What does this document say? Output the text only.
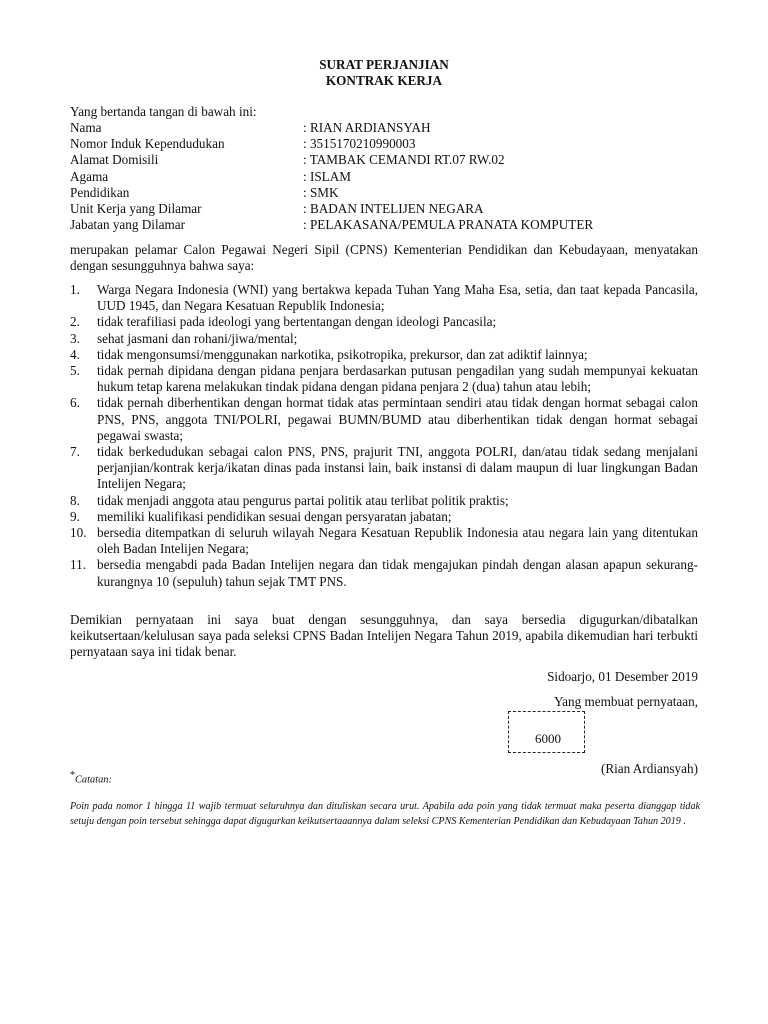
SURAT PERJANJIAN
KONTRAK KERJA
Yang bertanda tangan di bawah ini:
Nama	: RIAN ARDIANSYAH
Nomor Induk Kependudukan	: 3515170210990003
Alamat Domisili	: TAMBAK CEMANDI RT.07 RW.02
Agama	: ISLAM
Pendidikan	: SMK
Unit Kerja yang Dilamar	: BADAN INTELIJEN NEGARA
Jabatan yang Dilamar	: PELAKASANA/PEMULA PRANATA KOMPUTER
merupakan pelamar Calon Pegawai Negeri Sipil (CPNS) Kementerian Pendidikan dan Kebudayaan, menyatakan dengan sesungguhnya bahwa saya:
1. Warga Negara Indonesia (WNI) yang bertakwa kepada Tuhan Yang Maha Esa, setia, dan taat kepada Pancasila, UUD 1945, dan Negara Kesatuan Republik Indonesia;
2. tidak terafiliasi pada ideologi yang bertentangan dengan ideologi Pancasila;
3. sehat jasmani dan rohani/jiwa/mental;
4. tidak mengonsumsi/menggunakan narkotika, psikotropika, prekursor, dan zat adiktif lainnya;
5. tidak pernah dipidana dengan pidana penjara berdasarkan putusan pengadilan yang sudah mempunyai kekuatan hukum tetap karena melakukan tindak pidana dengan pidana penjara 2 (dua) tahun atau lebih;
6. tidak pernah diberhentikan dengan hormat tidak atas permintaan sendiri atau tidak dengan hormat sebagai calon PNS, PNS, anggota TNI/POLRI, pegawai BUMN/BUMD atau diberhentikan tidak dengan hormat sebagai pegawai swasta;
7. tidak berkedudukan sebagai calon PNS, PNS, prajurit TNI, anggota POLRI, dan/atau tidak sedang menjalani perjanjian/kontrak kerja/ikatan dinas pada instansi lain, baik instansi di dalam maupun di luar lingkungan Badan Intelijen Negara;
8. tidak menjadi anggota atau pengurus partai politik atau terlibat politik praktis;
9. memiliki kualifikasi pendidikan sesuai dengan persyaratan jabatan;
10. bersedia ditempatkan di seluruh wilayah Negara Kesatuan Republik Indonesia atau negara lain yang ditentukan oleh Badan Intelijen Negara;
11. bersedia mengabdi pada Badan Intelijen negara dan tidak mengajukan pindah dengan alasan apapun sekurang-kurangnya 10 (sepuluh) tahun sejak TMT PNS.
Demikian pernyataan ini saya buat dengan sesungguhnya, dan saya bersedia digugurkan/dibatalkan keikutsertaan/kelulusan saya pada seleksi CPNS Badan Intelijen Negara Tahun 2019, apabila dikemudian hari terbukti pernyataan saya ini tidak benar.
Sidoarjo, 01 Desember 2019
Yang membuat pernyataan,
6000
(Rian Ardiansyah)
*Catatan:
Poin pada nomor 1 hingga 11 wajib termuat seluruhnya dan dituliskan secara urut. Apabila ada poin yang tidak termuat maka peserta dianggap tidak setuju dengan poin tersebut sehingga dapat digugurkan keikutsertaaannya dalam seleksi CPNS Kementerian Pendidikan dan Kebudayaan Tahun 2019 .
